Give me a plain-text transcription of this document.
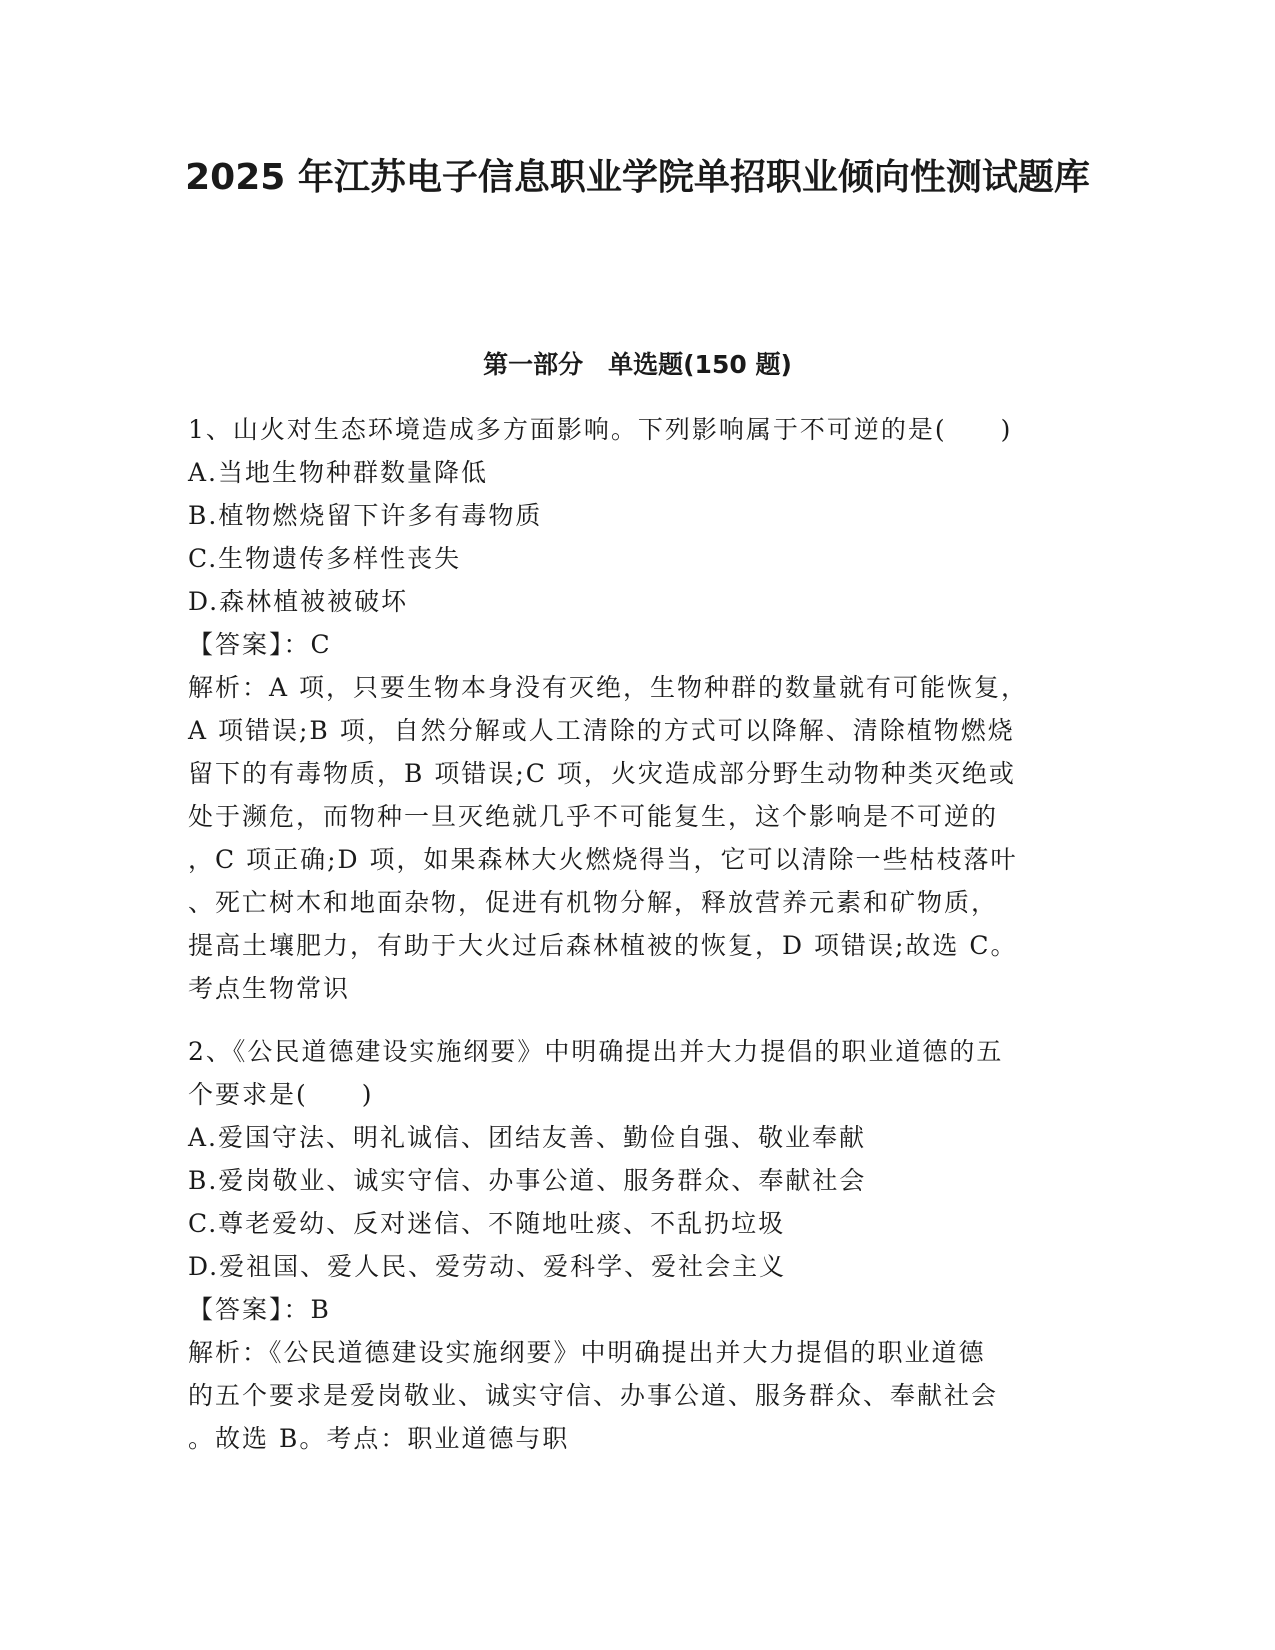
2025 年江苏电子信息职业学院单招职业倾向性测试题库
第一部分　单选题(150 题)
1、山火对生态环境造成多方面影响。下列影响属于不可逆的是(　　)
A.当地生物种群数量降低
B.植物燃烧留下许多有毒物质
C.生物遗传多样性丧失
D.森林植被被破坏
【答案】：C
解析：A 项，只要生物本身没有灭绝，生物种群的数量就有可能恢复，
A 项错误;B 项，自然分解或人工清除的方式可以降解、清除植物燃烧
留下的有毒物质，B 项错误;C 项，火灾造成部分野生动物种类灭绝或
处于濒危，而物种一旦灭绝就几乎不可能复生，这个影响是不可逆的
，C 项正确;D 项，如果森林大火燃烧得当，它可以清除一些枯枝落叶
、死亡树木和地面杂物，促进有机物分解，释放营养元素和矿物质，
提高土壤肥力，有助于大火过后森林植被的恢复，D 项错误;故选 C。
考点生物常识
2、《公民道德建设实施纲要》中明确提出并大力提倡的职业道德的五
个要求是(　　)
A.爱国守法、明礼诚信、团结友善、勤俭自强、敬业奉献
B.爱岗敬业、诚实守信、办事公道、服务群众、奉献社会
C.尊老爱幼、反对迷信、不随地吐痰、不乱扔垃圾
D.爱祖国、爱人民、爱劳动、爱科学、爱社会主义
【答案】：B
解析：《公民道德建设实施纲要》中明确提出并大力提倡的职业道德
的五个要求是爱岗敬业、诚实守信、办事公道、服务群众、奉献社会
。故选 B。考点：职业道德与职
